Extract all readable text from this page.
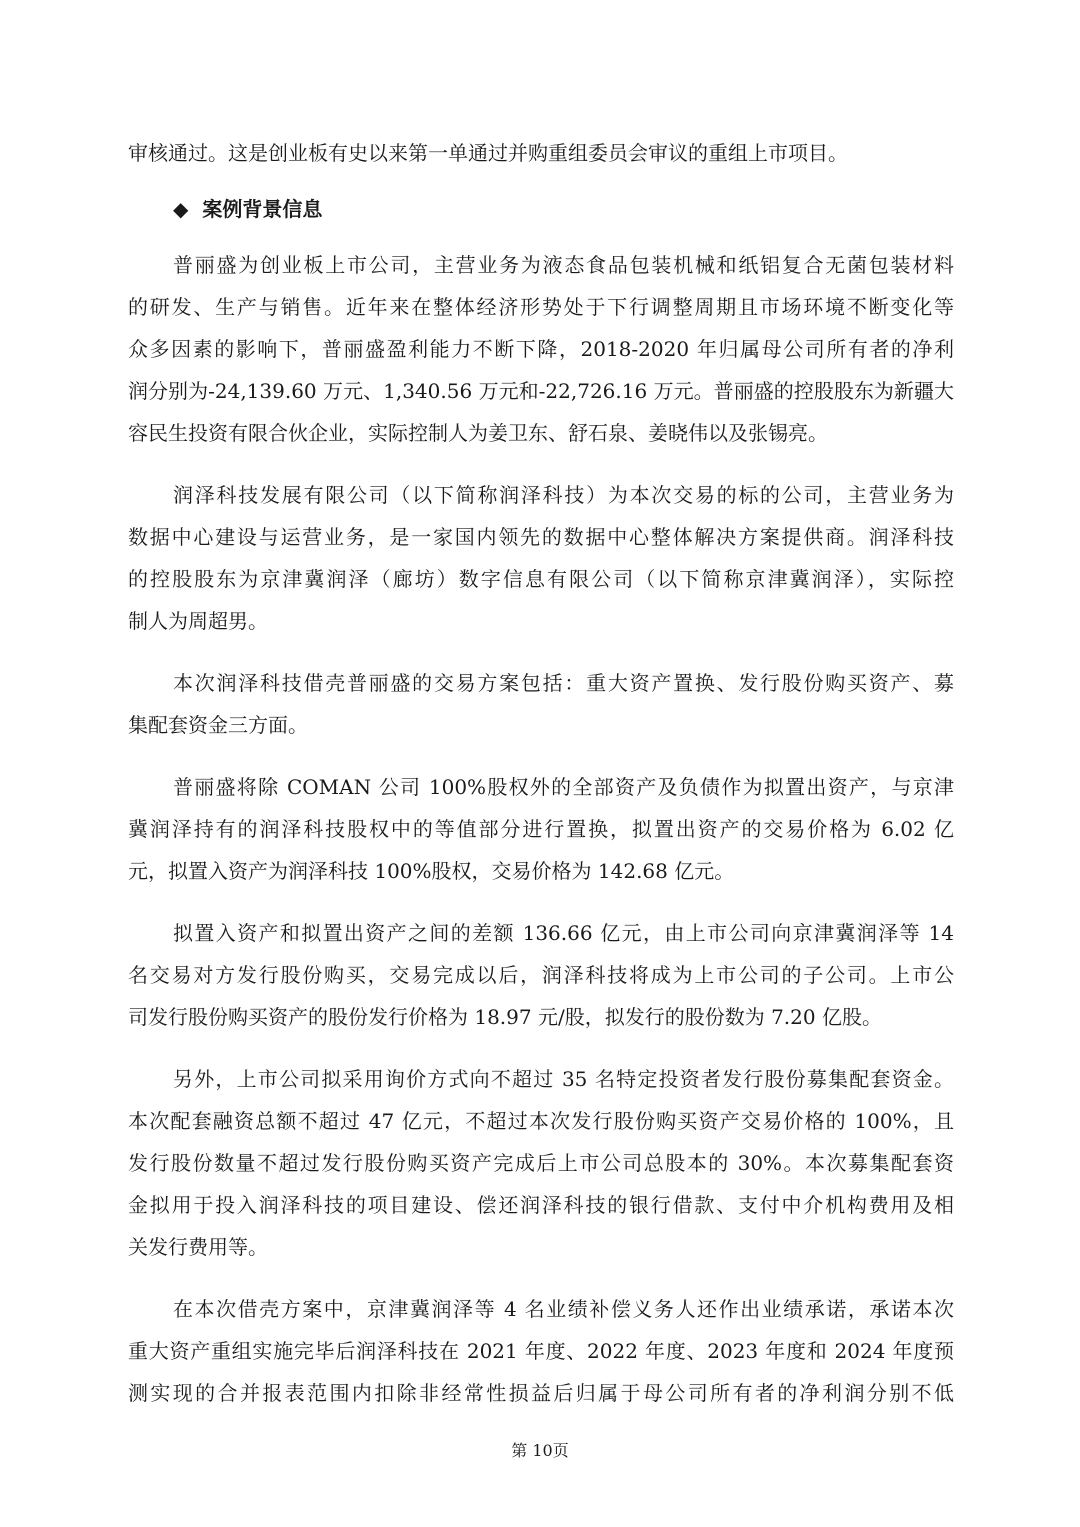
审核通过。这是创业板有史以来第一单通过并购重组委员会审议的重组上市项目。
◆ 案例背景信息
普丽盛为创业板上市公司，主营业务为液态食品包装机械和纸铝复合无菌包装材料
的研发、生产与销售。近年来在整体经济形势处于下行调整周期且市场环境不断变化等
众多因素的影响下，普丽盛盈利能力不断下降，2018-2020 年归属母公司所有者的净利
润分别为-24,139.60 万元、1,340.56 万元和-22,726.16 万元。普丽盛的控股股东为新疆大
容民生投资有限合伙企业，实际控制人为姜卫东、舒石泉、姜晓伟以及张锡亮。
润泽科技发展有限公司（以下简称润泽科技）为本次交易的标的公司，主营业务为
数据中心建设与运营业务，是一家国内领先的数据中心整体解决方案提供商。润泽科技
的控股股东为京津冀润泽（廊坊）数字信息有限公司（以下简称京津冀润泽），实际控
制人为周超男。
本次润泽科技借壳普丽盛的交易方案包括：重大资产置换、发行股份购买资产、募
集配套资金三方面。
普丽盛将除 COMAN 公司 100%股权外的全部资产及负债作为拟置出资产，与京津
冀润泽持有的润泽科技股权中的等值部分进行置换，拟置出资产的交易价格为 6.02 亿
元，拟置入资产为润泽科技 100%股权，交易价格为 142.68 亿元。
拟置入资产和拟置出资产之间的差额 136.66 亿元，由上市公司向京津冀润泽等 14
名交易对方发行股份购买，交易完成以后，润泽科技将成为上市公司的子公司。上市公
司发行股份购买资产的股份发行价格为 18.97 元/股，拟发行的股份数为 7.20 亿股。
另外，上市公司拟采用询价方式向不超过 35 名特定投资者发行股份募集配套资金。
本次配套融资总额不超过 47 亿元，不超过本次发行股份购买资产交易价格的 100%，且
发行股份数量不超过发行股份购买资产完成后上市公司总股本的 30%。本次募集配套资
金拟用于投入润泽科技的项目建设、偿还润泽科技的银行借款、支付中介机构费用及相
关发行费用等。
在本次借壳方案中，京津冀润泽等 4 名业绩补偿义务人还作出业绩承诺，承诺本次
重大资产重组实施完毕后润泽科技在 2021 年度、2022 年度、2023 年度和 2024 年度预
测实现的合并报表范围内扣除非经常性损益后归属于母公司所有者的净利润分别不低
第 10页
